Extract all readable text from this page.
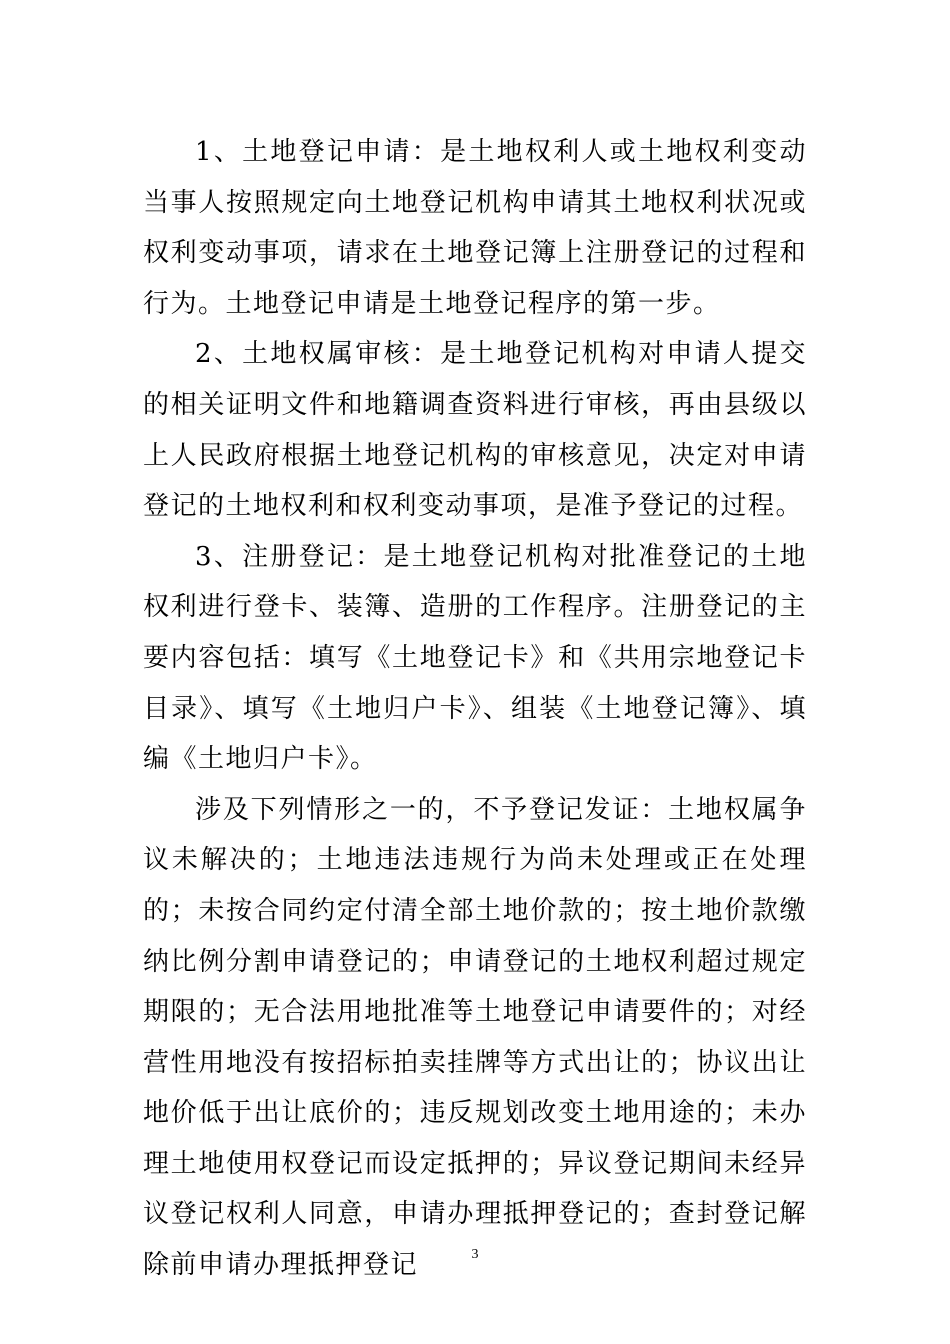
1、土地登记申请：是土地权利人或土地权利变动当事人按照规定向土地登记机构申请其土地权利状况或权利变动事项，请求在土地登记簿上注册登记的过程和行为。土地登记申请是土地登记程序的第一步。

2、土地权属审核：是土地登记机构对申请人提交的相关证明文件和地籍调查资料进行审核，再由县级以上人民政府根据土地登记机构的审核意见，决定对申请登记的土地权利和权利变动事项，是准予登记的过程。

3、注册登记：是土地登记机构对批准登记的土地权利进行登卡、装簿、造册的工作程序。注册登记的主要内容包括：填写《土地登记卡》和《共用宗地登记卡目录》、填写《土地归户卡》、组装《土地登记簿》、填编《土地归户卡》。

涉及下列情形之一的，不予登记发证：土地权属争议未解决的；土地违法违规行为尚未处理或正在处理的；未按合同约定付清全部土地价款的；按土地价款缴纳比例分割申请登记的；申请登记的土地权利超过规定期限的；无合法用地批准等土地登记申请要件的；对经营性用地没有按招标拍卖挂牌等方式出让的；协议出让地价低于出让底价的；违反规划改变土地用途的；未办理土地使用权登记而设定抵押的；异议登记期间未经异议登记权利人同意，申请办理抵押登记的；查封登记解除前申请办理抵押登记	3
